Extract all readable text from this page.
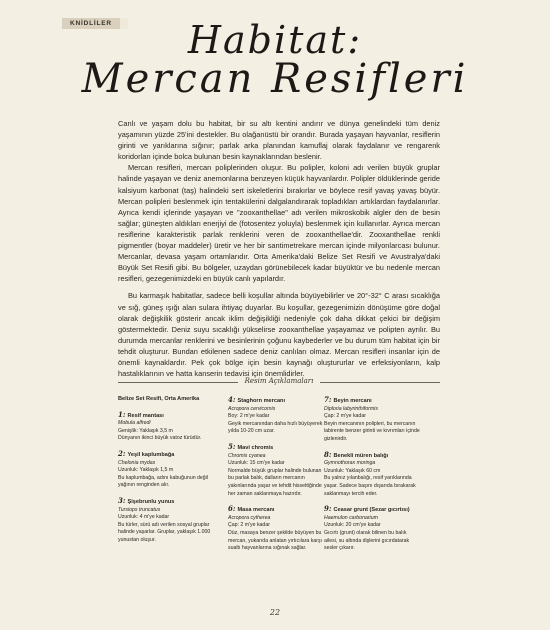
KNİDLİLER	Habitat:
Mercan Resifleri

Canlı ve yaşam dolu bu habitat, bir su altı kentini andırır ve dünya genelindeki tüm deniz yaşamının yüzde 25'ini destekler. Bu olağanüstü bir orandır. Burada yaşayan hayvanlar, resiflerin girinti ve yarıklarına sığınır; parlak arka planından kamuflaj olarak faydalanır ve rengarenk koridorları içinde bolca bulunan besin kaynaklarından beslenir.

Mercan resifleri, mercan poliplerinden oluşur. Bu polipler, koloni adı verilen büyük gruplar halinde yaşayan ve deniz anemonlarına benzeyen küçük hayvanlardır. Polipler öldüklerinde geride kalsiyum karbonat (taş) halindeki sert iskeletlerini bırakırlar ve böylece resif yavaş yavaş büyür. Mercan polipleri beslenmek için tentakülerini dalgalandırarak topladıkları artıklardan faydalanırlar. Ayrıca kendi içlerinde yaşayan ve "zooxanthellae" adı verilen mikroskobik algler den de besin sağlar; güneşten aldıkları enerjiyi de (fotosentez yoluyla) beslenmek için kullanırlar. Ayrıca mercan resiflerine karakteristik parlak renklerini veren de zooxanthellae'dir. Zooxanthellae renkli pigmentler (boyar maddeler) üretir ve her bir santimetrekare mercan içinde milyonlarcası bulunur. Mercanlar, devasa yaşam ortamlarıdır. Orta Amerika'daki Belize Set Resifi ve Avustralya'daki Büyük Set Resifi gibi. Bu bölgeler, uzaydan görünebilecek kadar büyüktür ve bu nedenle mercan resifleri, gezegenimizdeki en büyük canlı yapılardır.

Bu karmaşık habitatlar, sadece belli koşullar altında büyüyebilirler ve 20°-32° C arası sıcaklığa ve sığ, güneş ışığı alan sulara ihtiyaç duyarlar. Bu koşullar, gezegenimizin dönüşüme göre doğal olarak değişkilik gösterir ancak iklim değişikliği nedeniyle çok daha dikkat çekici bir değişim göstermektedir. Deniz suyu sıcaklığı yükselirse zooxanthellae yaşayamaz ve polipten ayrılır. Bu durumda mercanlar renklerini ve besinlerinin çoğunu kaybederler ve bu durum tüm habitat için bir tehdit oluşturur. Bundan etkilenen sadece deniz canlıları olmaz. Mercan resifleri insanlar için de önemli kaynaklardır. Pek çok bölge için besin kaynağı oluştururlar ve erfeksiyonların, kalp hastalıklarının ve hatta kanserin tedavisi için önemlidirler.

Resim Açıklamaları
Belize Set Resifi, Orta Amerika
1: Resif mantası
Mobula alfredi
Genişlik: Yaklaşık 3,5 m
Dünyanın ikinci büyük vatoz türüdür.
2: Yeşil kaplumbağa
Chelonia mydas
Uzunluk: Yaklaşık 1,5 m
Bu kaplumbağa, adını kabuğunun değil yağının renginden alır.
3: Şişebrunlu yunus
Tursiops truncatus
Uzunluk: 4 m'ye kadar
Bu türler, sürü adı verilen sosyal gruplar halinde yaşarlar. Gruplar, yaklaşık 1.000 yunustan oluşur.
4: Staghorn mercanı
Acropora cervicornis
Boy: 2 m'ye kadar
Geyik mercanından daha hızlı büyüyerek yılda 10-20 cm uzar.
5: Mavi chromis
Chromis cyanea
Uzunluk: 15 cm'ye kadar
Normalde büyük gruplar halinde bulunan bu parlak balık, dalların mercanın yakınlarında yaşar ve tehdit hissettiğinde her zaman saklanmaya hazırdır.
6: Masa mercanı
Acropora cytherea
Çap: 2 m'ye kadar
Düz, masaya benzer şekilde büyüyen bu mercan, yukarıda anlatan yırtıcılara karşı sualtı hayvanlarına sığınak sağlar.
7: Beyin mercanı
Diploria labyrinthiformis
Çap: 2 m'ye kadar
Beyin mercanının polipleri, bu mercanın labirente benzer girinti ve kıvrımları içinde gizlenirdir.
8: Benekli müren balığı
Gymnothorax moringa
Uzunluk: Yaklaşık 60 cm
Bu yalnız yılanbalığı, resif yarıklarında yaşar. Sadece başını dışarıda bırakarak saklanmayı tercih eder.
9: Ceasar grunt (Sezar gıcırtısı)
Haemulon carbonarium
Uzunluk: 20 cm'ye kadar
Gıcırtı (grunt) olarak bilinen bu balık ailesi, su altında dişlerini gıcırdatarak sesler çıkarır.
22
